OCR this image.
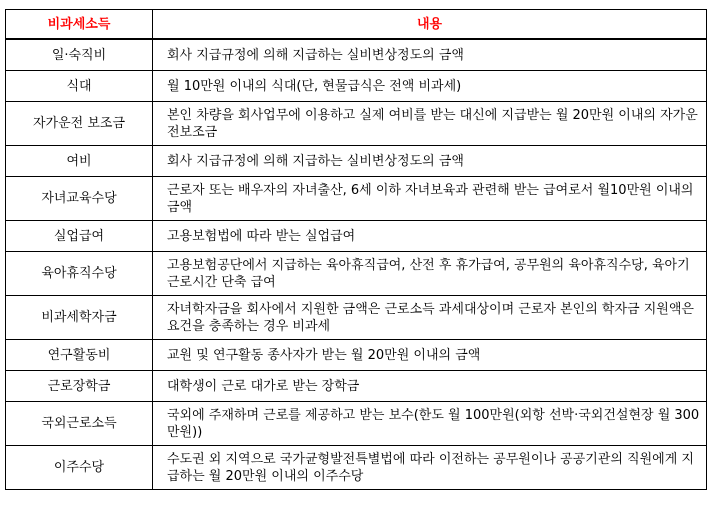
비과세소득	내용
일·숙직비	회사 지급규정에 의해 지급하는 실비변상정도의 금액
식대	월 10만원 이내의 식대(단, 현물급식은 전액 비과세)
자가운전 보조금	본인 차량을 회사업무에 이용하고 실제 여비를 받는 대신에 지급받는 월 20만원 이내의 자가운전보조금
여비	회사 지급규정에 의해 지급하는 실비변상정도의 금액
자녀교육수당	근로자 또는 배우자의 자녀출산, 6세 이하 자녀보육과 관련해 받는 급여로서 월10만원 이내의 금액
실업급여	고용보험법에 따라 받는 실업급여
육아휴직수당	고용보험공단에서 지급하는 육아휴직급여, 산전 후 휴가급여, 공무원의 육아휴직수당, 육아기 근로시간 단축 급여
비과세학자금	자녀학자금을 회사에서 지원한 금액은 근로소득 과세대상이며 근로자 본인의 학자금 지원액은 요건을 충족하는 경우 비과세
연구활동비	교원 및 연구활동 종사자가 받는 월 20만원 이내의 금액
근로장학금	대학생이 근로 대가로 받는 장학금
국외근로소득	국외에 주재하며 근로를 제공하고 받는 보수(한도 월 100만원(외항 선박·국외건설현장 월 300만원))
이주수당	수도권 외 지역으로 국가균형발전특별법에 따라 이전하는 공무원이나 공공기관의 직원에게 지급하는 월 20만원 이내의 이주수당
